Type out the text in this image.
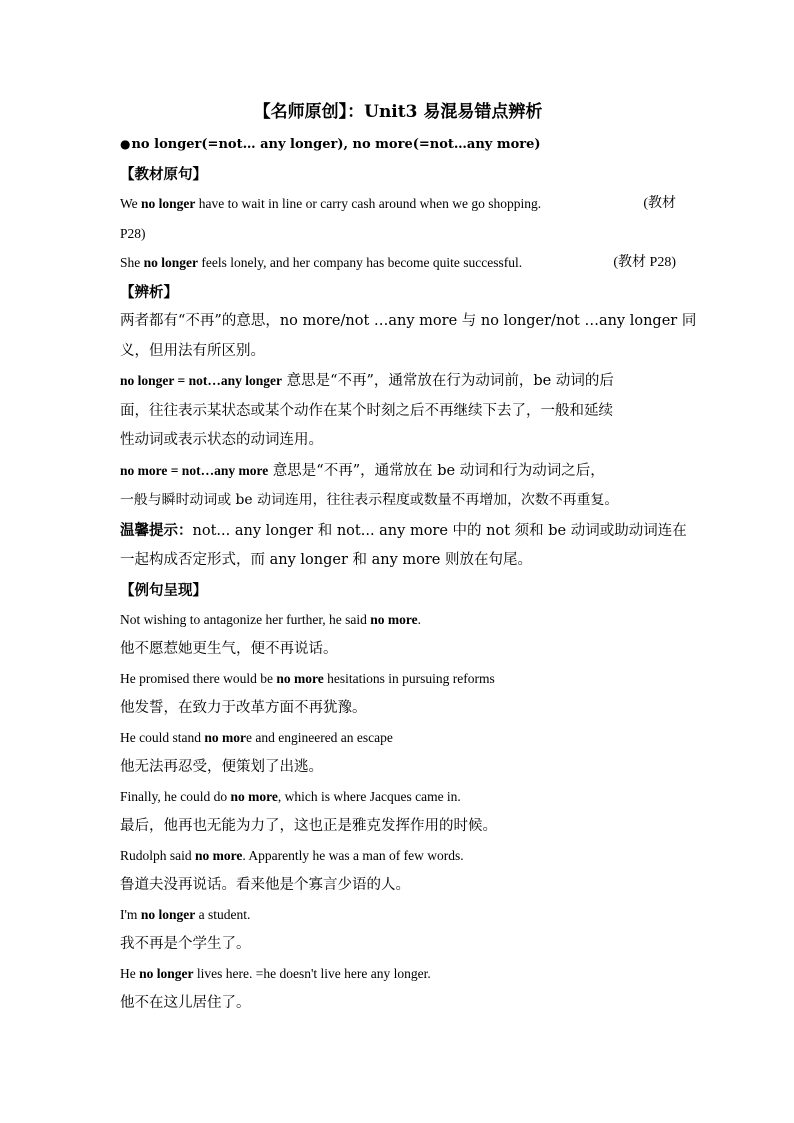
【名师原创】：Unit3 易混易错点辨析
●no longer(=not… any longer), no more(=not…any more)
【教材原句】
We no longer have to wait in line or carry cash around when we go shopping.	(教材
P28)
She no longer feels lonely, and her company has become quite successful.	(教材 P28)
【辨析】
两者都有“不再”的意思，no more/not …any more 与 no longer/not …any longer 同
义，但用法有所区别。
no longer = not…any longer 意思是“不再”，通常放在行为动词前，be 动词的后
面，往往表示某状态或某个动作在某个时刻之后不再继续下去了，一般和延续
性动词或表示状态的动词连用。
no more = not…any more 意思是“不再”，通常放在 be 动词和行为动词之后，
一般与瞬时动词或 be 动词连用，往往表示程度或数量不再增加，次数不再重复。
温馨提示：not... any longer 和 not... any more 中的 not 须和 be 动词或助动词连在
一起构成否定形式，而 any longer 和 any more 则放在句尾。
【例句呈现】
Not wishing to antagonize her further, he said no more.
他不愿惹她更生气，便不再说话。
He promised there would be no more hesitations in pursuing reforms
他发誓，在致力于改革方面不再犹豫。
He could stand no more and engineered an escape
他无法再忍受，便策划了出逃。
Finally, he could do no more, which is where Jacques came in.
最后，他再也无能为力了，这也正是雅克发挥作用的时候。
Rudolph said no more. Apparently he was a man of few words.
鲁道夫没再说话。看来他是个寡言少语的人。
I'm no longer a student.
我不再是个学生了。
He no longer lives here. =he doesn't live here any longer.
他不在这儿居住了。
